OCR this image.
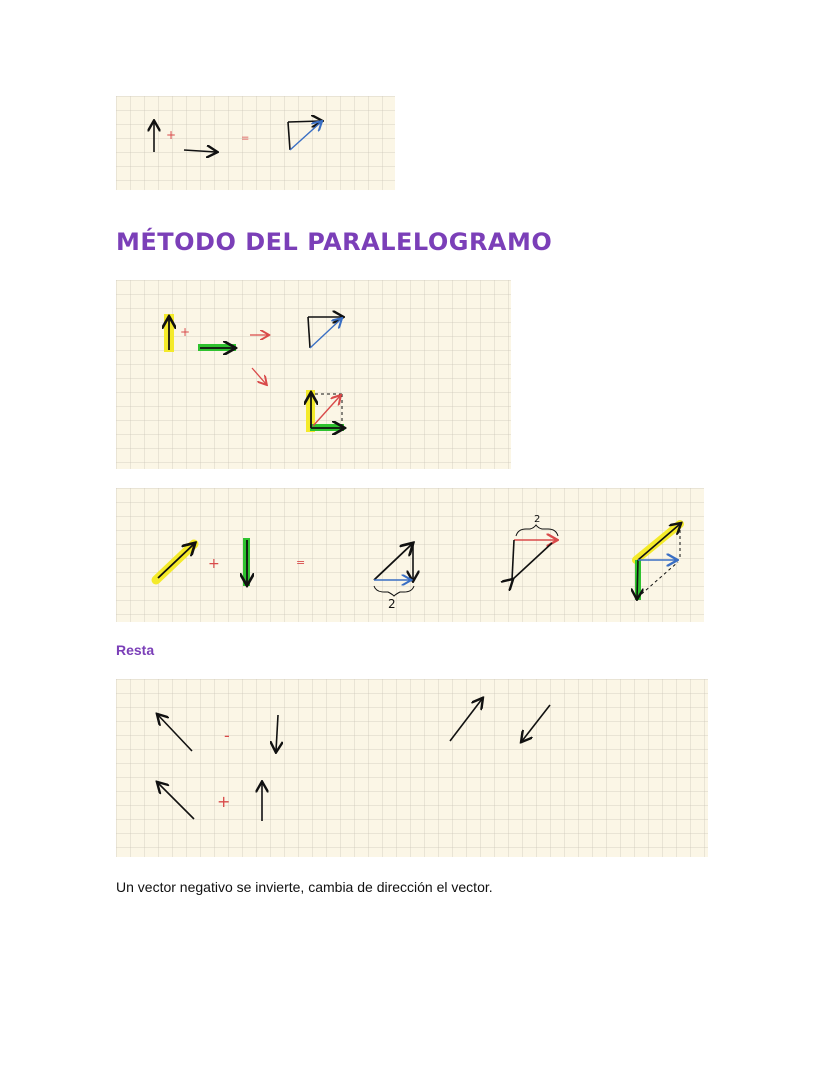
+	=
MÉTODO DEL PARALELOGRAMO
+
+	=
2
2
Resta
-
+

Un vector negativo se invierte, cambia de dirección el vector.
